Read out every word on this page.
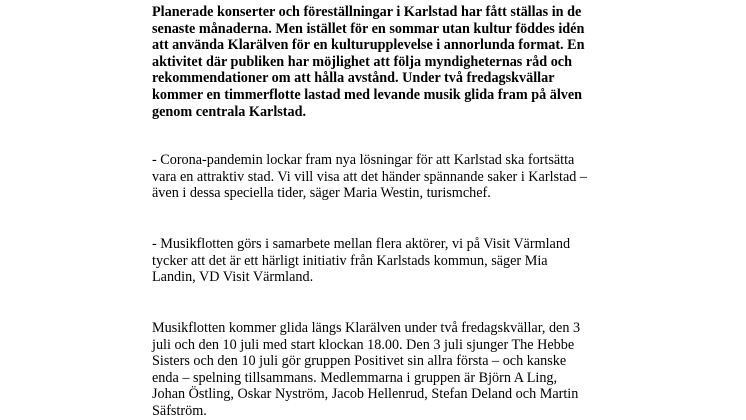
Planerade konserter och föreställningar i Karlstad har fått ställas in de
senaste månaderna. Men istället för en sommar utan kultur föddes idén
att använda Klarälven för en kulturupplevelse i annorlunda format. En
aktivitet där publiken har möjlighet att följa myndigheternas råd och
rekommendationer om att hålla avstånd. Under två fredagskvällar
kommer en timmerflotte lastad med levande musik glida fram på älven
genom centrala Karlstad.

- Corona-pandemin lockar fram nya lösningar för att Karlstad ska fortsätta
vara en attraktiv stad. Vi vill visa att det händer spännande saker i Karlstad –
även i dessa speciella tider, säger Maria Westin, turismchef.

- Musikflotten görs i samarbete mellan flera aktörer, vi på Visit Värmland
tycker att det är ett härligt initiativ från Karlstads kommun, säger Mia
Landin, VD Visit Värmland.

Musikflotten kommer glida längs Klarälven under två fredagskvällar, den 3
juli och den 10 juli med start klockan 18.00. Den 3 juli sjunger The Hebbe
Sisters och den 10 juli gör gruppen Positivet sin allra första – och kanske
enda – spelning tillsammans. Medlemmarna i gruppen är Björn A Ling,
Johan Östling, Oskar Nyström, Jacob Hellenrud, Stefan Deland och Martin
Säfström.
